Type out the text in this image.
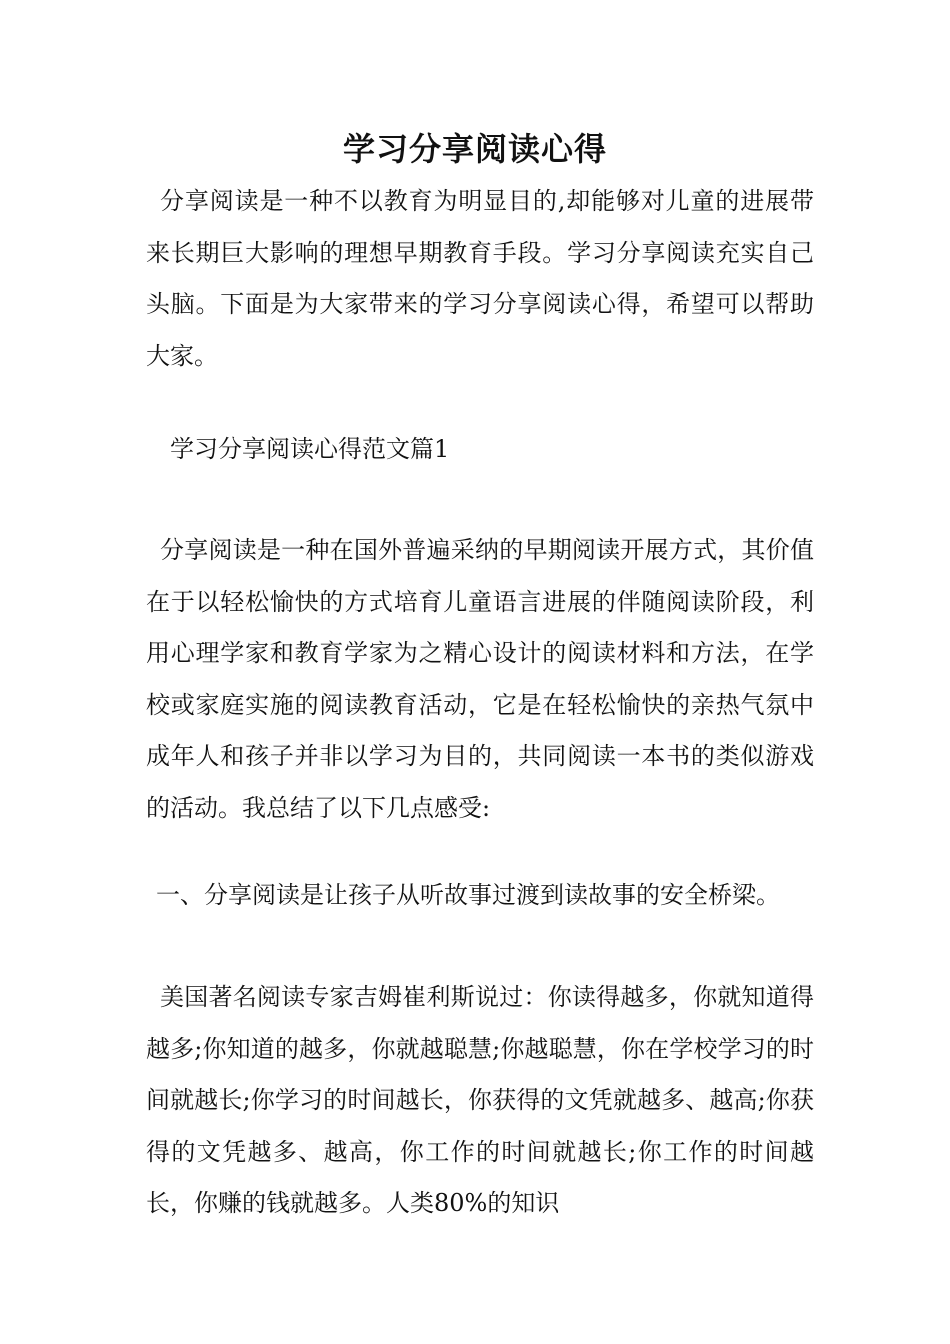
学习分享阅读心得

分享阅读是一种不以教育为明显目的,却能够对儿童的进展带来长期巨大影响的理想早期教育手段。学习分享阅读充实自己头脑。下面是为大家带来的学习分享阅读心得，希望可以帮助大家。

学习分享阅读心得范文篇1

分享阅读是一种在国外普遍采纳的早期阅读开展方式，其价值在于以轻松愉快的方式培育儿童语言进展的伴随阅读阶段，利用心理学家和教育学家为之精心设计的阅读材料和方法，在学校或家庭实施的阅读教育活动，它是在轻松愉快的亲热气氛中成年人和孩子并非以学习为目的，共同阅读一本书的类似游戏的活动。我总结了以下几点感受:

一、分享阅读是让孩子从听故事过渡到读故事的安全桥梁。

美国著名阅读专家吉姆崔利斯说过：你读得越多，你就知道得越多;你知道的越多，你就越聪慧;你越聪慧，你在学校学习的时间就越长;你学习的时间越长，你获得的文凭就越多、越高;你获得的文凭越多、越高，你工作的时间就越长;你工作的时间越长，你赚的钱就越多。人类80%的知识
